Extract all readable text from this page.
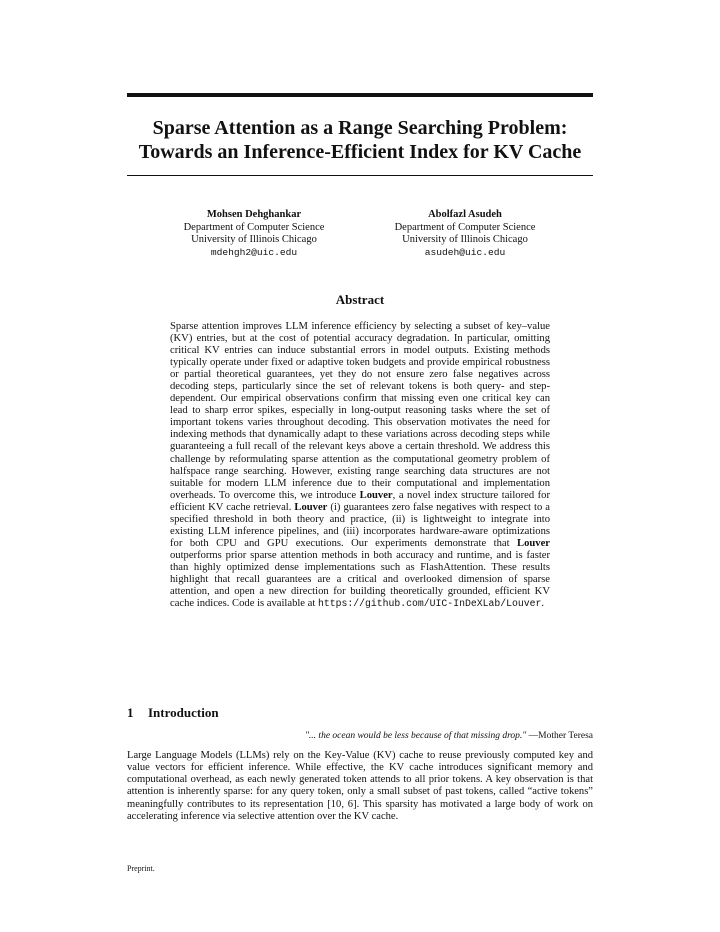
Sparse Attention as a Range Searching Problem:
Towards an Inference-Efficient Index for KV Cache
Mohsen Dehghankar
Department of Computer Science
University of Illinois Chicago
mdehgh2@uic.edu
Abolfazl Asudeh
Department of Computer Science
University of Illinois Chicago
asudeh@uic.edu
Abstract

Sparse attention improves LLM inference efficiency by selecting a subset of key–value (KV) entries, but at the cost of potential accuracy degradation. In particular, omitting critical KV entries can induce substantial errors in model outputs. Existing methods typically operate under fixed or adaptive token budgets and provide empirical robustness or partial theoretical guarantees, yet they do not ensure zero false negatives across decoding steps, particularly since the set of relevant tokens is both query- and step-dependent. Our empirical observations confirm that missing even one critical key can lead to sharp error spikes, especially in long-output reasoning tasks where the set of important tokens varies throughout decoding. This observation motivates the need for indexing methods that dynamically adapt to these variations across decoding steps while guaranteeing a full recall of the relevant keys above a certain threshold. We address this challenge by reformulating sparse attention as the computational geometry problem of halfspace range searching. However, existing range searching data structures are not suitable for modern LLM inference due to their computational and implementation overheads. To overcome this, we introduce Louver, a novel index structure tailored for efficient KV cache retrieval. Louver (i) guarantees zero false negatives with respect to a specified threshold in both theory and practice, (ii) is lightweight to integrate into existing LLM inference pipelines, and (iii) incorporates hardware-aware optimizations for both CPU and GPU executions. Our experiments demonstrate that Louver outperforms prior sparse attention methods in both accuracy and runtime, and is faster than highly optimized dense implementations such as FlashAttention. These results highlight that recall guarantees are a critical and overlooked dimension of sparse attention, and open a new direction for building theoretically grounded, efficient KV cache indices. Code is available at https://github.com/UIC-InDeXLab/Louver.

1 Introduction
"... the ocean would be less because of that missing drop." —Mother Teresa

Large Language Models (LLMs) rely on the Key-Value (KV) cache to reuse previously computed key and value vectors for efficient inference. While effective, the KV cache introduces significant memory and computational overhead, as each newly generated token attends to all prior tokens. A key observation is that attention is inherently sparse: for any query token, only a small subset of past tokens, called “active tokens” meaningfully contributes to its representation [10, 6]. This sparsity has motivated a large body of work on accelerating inference via selective attention over the KV cache.

Preprint.
